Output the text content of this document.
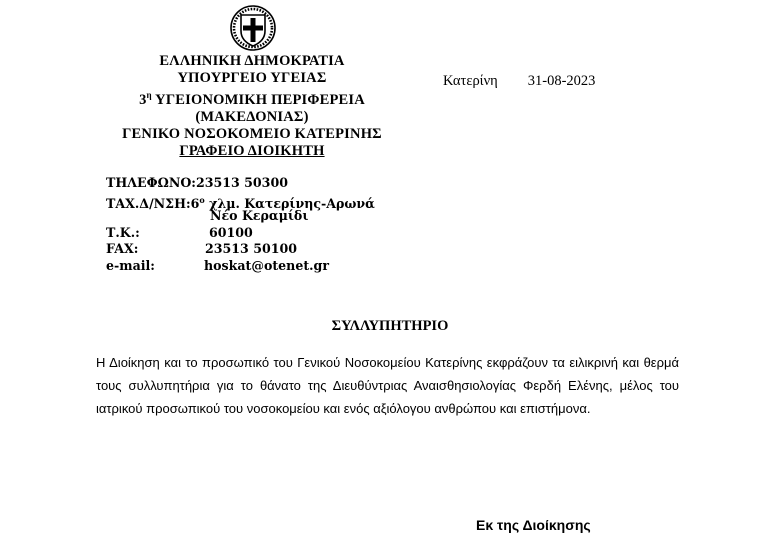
ΕΛΛΗΝΙΚΗ ΔΗΜΟΚΡΑΤΙΑ
ΥΠΟΥΡΓΕΙΟ ΥΓΕΙΑΣ
$3^\eta$ ΥΓΕΙΟΝΟΜΙΚΗ ΠΕΡΙΦΕΡΕΙΑ
(ΜΑΚΕΔΟΝΙΑΣ)
ΓΕΝΙΚΟ ΝΟΣΟΚΟΜΕΙΟ ΚΑΤΕΡΙΝΗΣ
ΓΡΑΦΕΙΟ ΔΙΟΙΚΗΤΗ
Κατερίνη 31-08-2023
ΤΗΛΕΦΩΝΟ:23513 50300
$TAX.\Delta/N\Sigma H:6^o$ χλμ. Κατερίνης-Αρωνά
Νέο Κεραμίδι
Τ.Κ.:	60100
FAX:	23513 50100
e-mail:	hoskat@otenet.gr
ΣΥΛΛΥΠΗΤΗΡΙΟ
Η Διοίκηση και το προσωπικό του Γενικού Νοσοκομείου Κατερίνης εκφράζουν τα ειλικρινή και θερμά τους συλλυπητήρια για το θάνατο της Διευθύντριας Αναισθησιολογίας Φερδή Ελένης, μέλος του ιατρικού προσωπικού του νοσοκομείου και ενός αξιόλογου ανθρώπου και επιστήμονα.
Εκ της Διοίκησης
